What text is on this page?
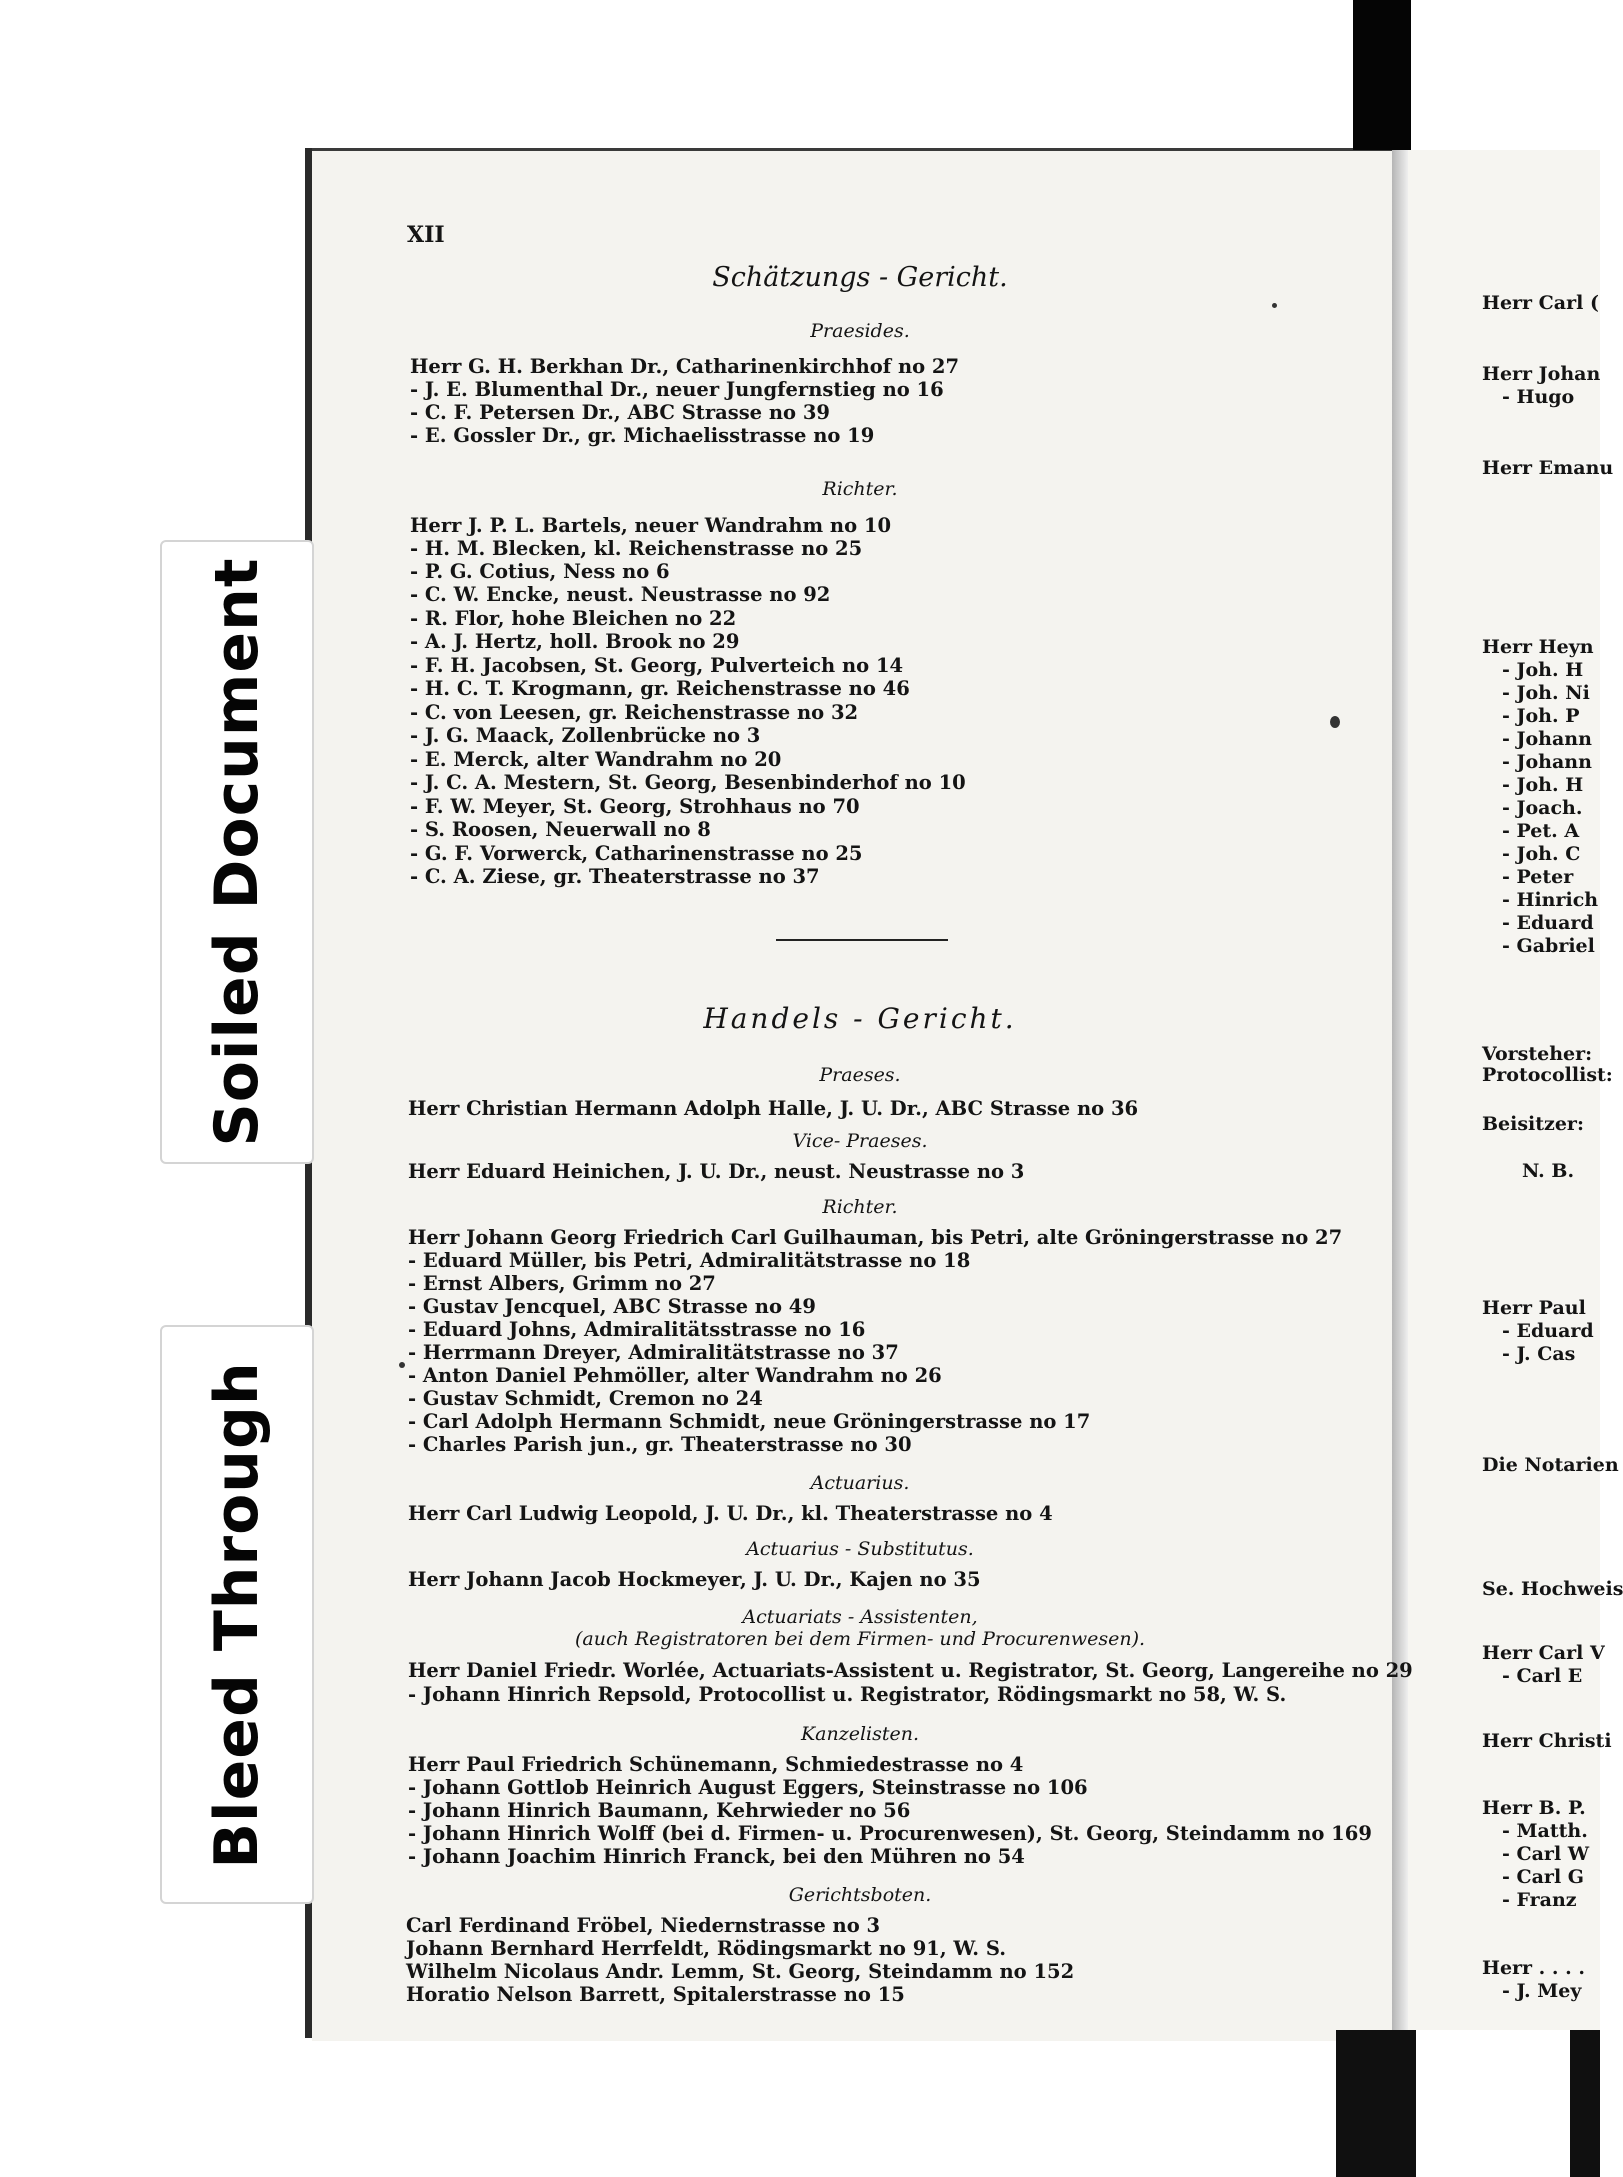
Soiled Document
Bleed Through
XII
Schätzungs - Gericht.
Praesides.
Herr G. H. Berkhan Dr., Catharinenkirchhof no 27
- J. E. Blumenthal Dr., neuer Jungfernstieg no 16
- C. F. Petersen Dr., ABC Strasse no 39
- E. Gossler Dr., gr. Michaelisstrasse no 19
Richter.
Herr J. P. L. Bartels, neuer Wandrahm no 10
- H. M. Blecken, kl. Reichenstrasse no 25
- P. G. Cotius, Ness no 6
- C. W. Encke, neust. Neustrasse no 92
- R. Flor, hohe Bleichen no 22
- A. J. Hertz, holl. Brook no 29
- F. H. Jacobsen, St. Georg, Pulverteich no 14
- H. C. T. Krogmann, gr. Reichenstrasse no 46
- C. von Leesen, gr. Reichenstrasse no 32
- J. G. Maack, Zollenbrücke no 3
- E. Merck, alter Wandrahm no 20
- J. C. A. Mestern, St. Georg, Besenbinderhof no 10
- F. W. Meyer, St. Georg, Strohhaus no 70
- S. Roosen, Neuerwall no 8
- G. F. Vorwerck, Catharinenstrasse no 25
- C. A. Ziese, gr. Theaterstrasse no 37
Handels - Gericht.
Praeses.
Herr Christian Hermann Adolph Halle, J. U. Dr., ABC Strasse no 36
Vice- Praeses.
Herr Eduard Heinichen, J. U. Dr., neust. Neustrasse no 3
Richter.
Herr Johann Georg Friedrich Carl Guilhauman, bis Petri, alte Gröningerstrasse no 27
- Eduard Müller, bis Petri, Admiralitätstrasse no 18
- Ernst Albers, Grimm no 27
- Gustav Jencquel, ABC Strasse no 49
- Eduard Johns, Admiralitätsstrasse no 16
- Herrmann Dreyer, Admiralitätstrasse no 37
- Anton Daniel Pehmöller, alter Wandrahm no 26
- Gustav Schmidt, Cremon no 24
- Carl Adolph Hermann Schmidt, neue Gröningerstrasse no 17
- Charles Parish jun., gr. Theaterstrasse no 30
Actuarius.
Herr Carl Ludwig Leopold, J. U. Dr., kl. Theaterstrasse no 4
Actuarius - Substitutus.
Herr Johann Jacob Hockmeyer, J. U. Dr., Kajen no 35
Actuariats - Assistenten,
(auch Registratoren bei dem Firmen- und Procurenwesen).
Herr Daniel Friedr. Worlée, Actuariats-Assistent u. Registrator, St. Georg, Langereihe no 29
- Johann Hinrich Repsold, Protocollist u. Registrator, Rödingsmarkt no 58, W. S.
Kanzelisten.
Herr Paul Friedrich Schünemann, Schmiedestrasse no 4
- Johann Gottlob Heinrich August Eggers, Steinstrasse no 106
- Johann Hinrich Baumann, Kehrwieder no 56
- Johann Hinrich Wolff (bei d. Firmen- u. Procurenwesen), St. Georg, Steindamm no 169
- Johann Joachim Hinrich Franck, bei den Mühren no 54
Gerichtsboten.
Carl Ferdinand Fröbel, Niedernstrasse no 3
Johann Bernhard Herrfeldt, Rödingsmarkt no 91, W. S.
Wilhelm Nicolaus Andr. Lemm, St. Georg, Steindamm no 152
Horatio Nelson Barrett, Spitalerstrasse no 15
Herr Carl (
Herr Johan
- Hugo
Herr Emanu
Herr Heyn
- Joh. H
- Joh. Ni
- Joh. P
- Johann
- Johann
- Joh. H
- Joach.
- Pet. A
- Joh. C
- Peter
- Hinrich
- Eduard
- Gabriel
Vorsteher:
Protocollist:
Beisitzer:
N. B.
Herr Paul
- Eduard
- J. Cas
Die Notarien
Se. Hochweis
Herr Carl V
- Carl E
Herr Christi
Herr B. P.
- Matth.
- Carl W
- Carl G
- Franz
Herr . . . .
- J. Mey
